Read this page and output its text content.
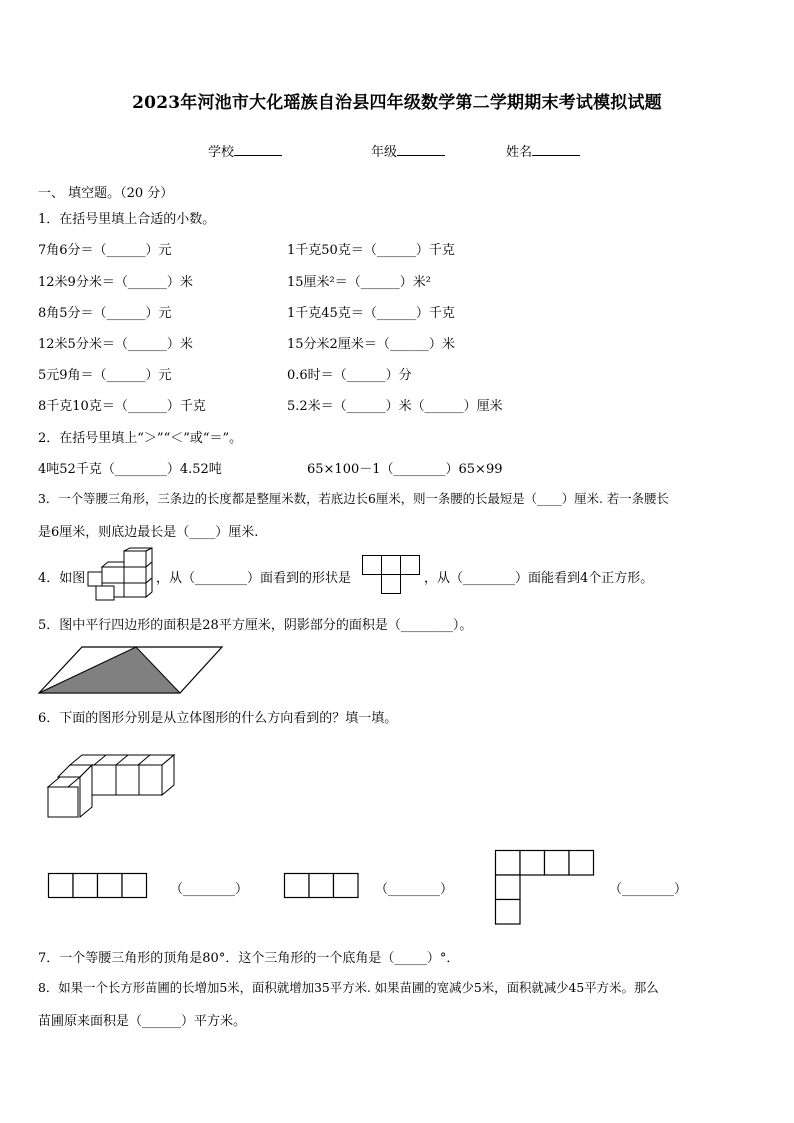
2023年河池市大化瑶族自治县四年级数学第二学期期末考试模拟试题
学校	年级	姓名
一、 填空题。（20 分）
1．在括号里填上合适的小数。
7角6分＝（______）元	1千克50克＝（______）千克
12米9分米＝（______）米	15厘米²＝（______）米²
8角5分＝（______）元	1千克45克＝（______）千克
12米5分米＝（______）米	15分米2厘米＝（______）米
5元9角＝（______）元	0.6时＝（______）分
8千克10克＝（______）千克	5.2米＝（______）米（______）厘米
2．在括号里填上“＞”“＜”或“＝”。
4吨52千克（________）4.52吨	65×100－1（________）65×99
3．一个等腰三角形，三条边的长度都是整厘米数，若底边长6厘米，则一条腰的长最短是（____）厘米. 若一条腰长
是6厘米，则底边最长是（____）厘米.
4．如图	，从（________）面看到的形状是	，从（________）面能看到4个正方形。
5．图中平行四边形的面积是28平方厘米，阴影部分的面积是（________）。
6．下面的图形分别是从立体图形的什么方向看到的？填一填。
（________）	（________）	（________）
7．一个等腰三角形的顶角是80°．这个三角形的一个底角是（_____）°．
8．如果一个长方形苗圃的长增加5米，面积就增加35平方米. 如果苗圃的宽减少5米，面积就减少45平方米。那么
苗圃原来面积是（______）平方米。
